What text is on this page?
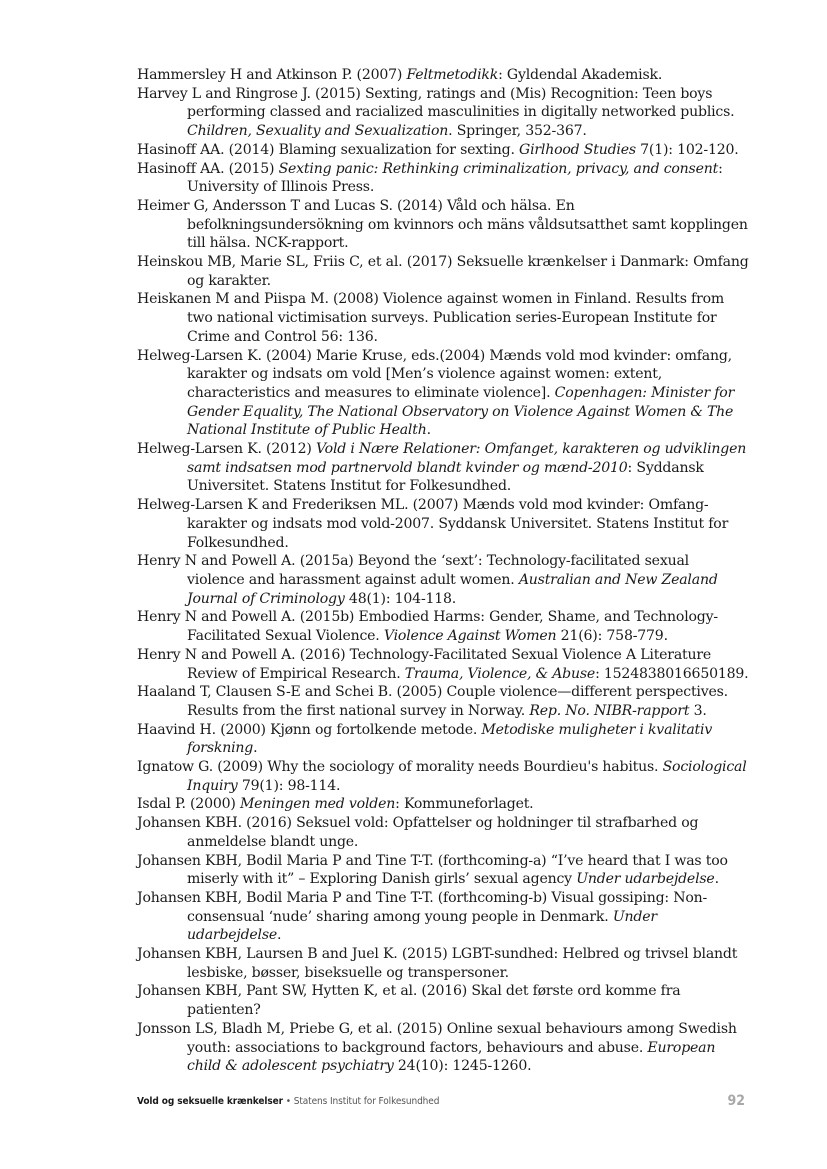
Hammersley H and Atkinson P. (2007) Feltmetodikk: Gyldendal Akademisk.

Harvey L and Ringrose J. (2015) Sexting, ratings and (Mis) Recognition: Teen boys performing classed and racialized masculinities in digitally networked publics. Children, Sexuality and Sexualization. Springer, 352-367.

Hasinoff AA. (2014) Blaming sexualization for sexting. Girlhood Studies 7(1): 102-120.

Hasinoff AA. (2015) Sexting panic: Rethinking criminalization, privacy, and consent: University of Illinois Press.

Heimer G, Andersson T and Lucas S. (2014) Våld och hälsa. En befolkningsundersökning om kvinnors och mäns våldsutsatthet samt kopplingen till hälsa. NCK-rapport.

Heinskou MB, Marie SL, Friis C, et al. (2017) Seksuelle krænkelser i Danmark: Omfang og karakter.

Heiskanen M and Piispa M. (2008) Violence against women in Finland. Results from two national victimisation surveys. Publication series-European Institute for Crime and Control 56: 136.

Helweg-Larsen K. (2004) Marie Kruse, eds.(2004) Mænds vold mod kvinder: omfang, karakter og indsats om vold [Men’s violence against women: extent, characteristics and measures to eliminate violence]. Copenhagen: Minister for Gender Equality, The National Observatory on Violence Against Women & The National Institute of Public Health.

Helweg-Larsen K. (2012) Vold i Nære Relationer: Omfanget, karakteren og udviklingen samt indsatsen mod partnervold blandt kvinder og mænd-2010: Syddansk Universitet. Statens Institut for Folkesundhed.

Helweg-Larsen K and Frederiksen ML. (2007) Mænds vold mod kvinder: Omfang-karakter og indsats mod vold-2007. Syddansk Universitet. Statens Institut for Folkesundhed.

Henry N and Powell A. (2015a) Beyond the ‘sext’: Technology-facilitated sexual violence and harassment against adult women. Australian and New Zealand Journal of Criminology 48(1): 104-118.

Henry N and Powell A. (2015b) Embodied Harms: Gender, Shame, and Technology-Facilitated Sexual Violence. Violence Against Women 21(6): 758-779.

Henry N and Powell A. (2016) Technology-Facilitated Sexual Violence A Literature Review of Empirical Research. Trauma, Violence, & Abuse: 1524838016650189.

Haaland T, Clausen S-E and Schei B. (2005) Couple violence—different perspectives. Results from the first national survey in Norway. Rep. No. NIBR-rapport 3.

Haavind H. (2000) Kjønn og fortolkende metode. Metodiske muligheter i kvalitativ forskning.

Ignatow G. (2009) Why the sociology of morality needs Bourdieu's habitus. Sociological Inquiry 79(1): 98-114.

Isdal P. (2000) Meningen med volden: Kommuneforlaget.

Johansen KBH. (2016) Seksuel vold: Opfattelser og holdninger til strafbarhed og anmeldelse blandt unge.

Johansen KBH, Bodil Maria P and Tine T-T. (forthcoming-a) “I’ve heard that I was too miserly with it” – Exploring Danish girls’ sexual agency Under udarbejdelse.

Johansen KBH, Bodil Maria P and Tine T-T. (forthcoming-b) Visual gossiping: Non-consensual ‘nude’ sharing among young people in Denmark. Under udarbejdelse.

Johansen KBH, Laursen B and Juel K. (2015) LGBT-sundhed: Helbred og trivsel blandt lesbiske, bøsser, biseksuelle og transpersoner.

Johansen KBH, Pant SW, Hytten K, et al. (2016) Skal det første ord komme fra patienten?

Jonsson LS, Bladh M, Priebe G, et al. (2015) Online sexual behaviours among Swedish youth: associations to background factors, behaviours and abuse. European child & adolescent psychiatry 24(10): 1245-1260.

Vold og seksuelle krænkelser • Statens Institut for Folkesundhed	92
